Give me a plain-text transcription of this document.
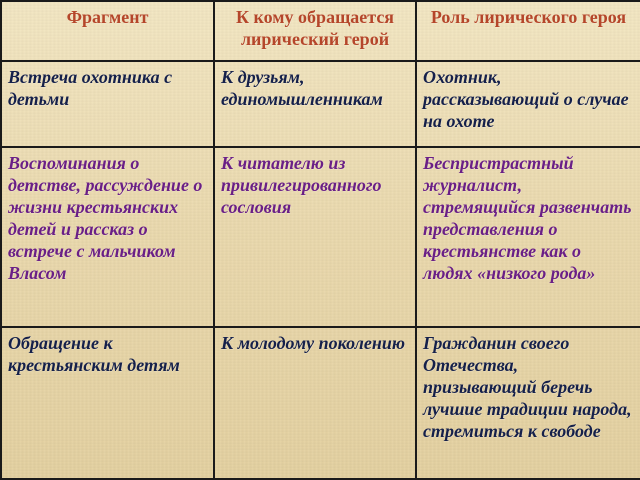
Фрагмент	К кому обращается лирический герой	Роль лирического героя
Встреча охотника с детьми	К друзьям, единомышленникам	Охотник, рассказывающий о случае на охоте
Воспоминания о детстве, рассуждение о жизни крестьянских детей и рассказ о встрече с мальчиком Власом	К читателю из привилегированного сословия	Беспристрастный журналист, стремящийся развенчать представления о крестьянстве как о людях «низкого рода»
Обращение к крестьянским детям	К молодому поколению	Гражданин своего Отечества, призывающий беречь лучшие традиции народа, стремиться к свободе
